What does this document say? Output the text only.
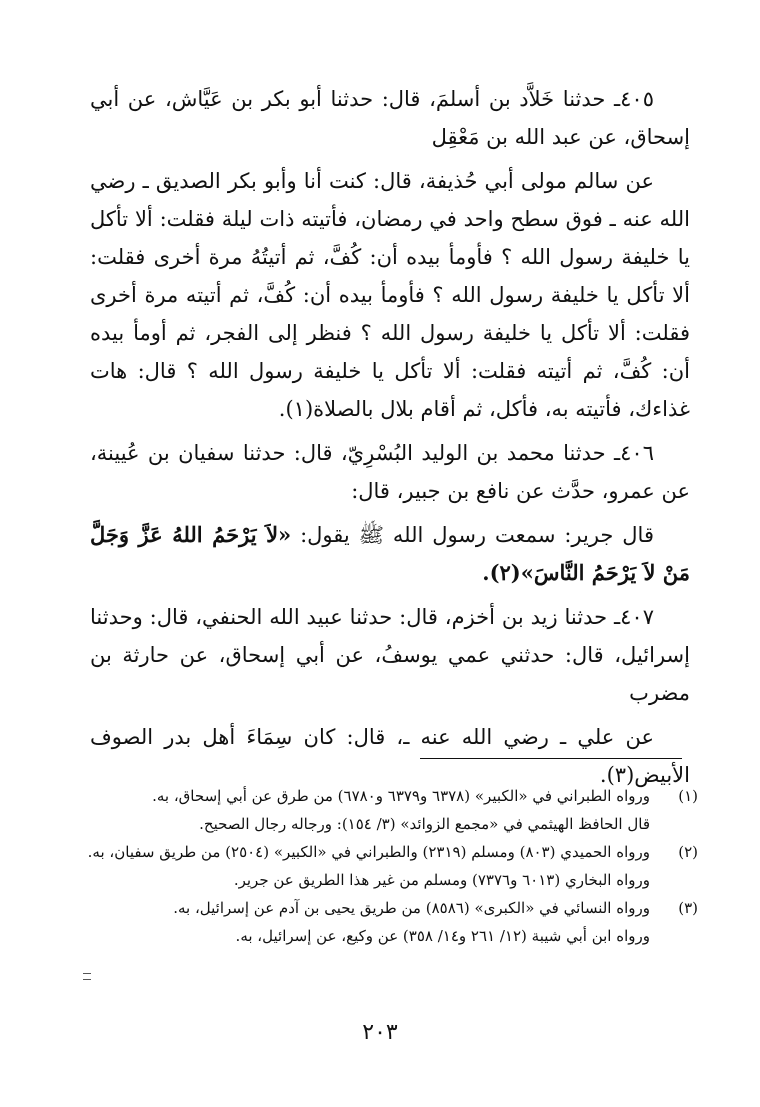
٤٠٥ـ حدثنا خَلاَّد بن أسلمَ، قال: حدثنا أبو بكر بن عَيَّاش، عن أبي إسحاق، عن عبد الله بن مَعْقِل

عن سالم مولى أبي حُذيفة، قال: كنت أنا وأبو بكر الصديق ـ رضي الله عنه ـ فوق سطح واحد في رمضان، فأتيته ذات ليلة فقلت: ألا تأكل يا خليفة رسول الله ؟ فأومأ بيده أن: كُفَّ، ثم أتيتُهُ مرة أخرى فقلت: ألا تأكل يا خليفة رسول الله ؟ فأومأ بيده أن: كُفَّ، ثم أتيته مرة أخرى فقلت: ألا تأكل يا خليفة رسول الله ؟ فنظر إلى الفجر، ثم أومأ بيده أن: كُفَّ، ثم أتيته فقلت: ألا تأكل يا خليفة رسول الله ؟ قال: هات غذاءك، فأتيته به، فأكل، ثم أقام بلال بالصلاة(١).

٤٠٦ـ حدثنا محمد بن الوليد البُسْرِيّ، قال: حدثنا سفيان بن عُيينة، عن عمرو، حدَّث عن نافع بن جبير، قال:

قال جرير: سمعت رسول الله ﷺ يقول: «لاَ يَرْحَمُ اللهُ عَزَّ وَجَلَّ مَنْ لاَ يَرْحَمُ النَّاسَ»(٢).

٤٠٧ـ حدثنا زيد بن أخزم، قال: حدثنا عبيد الله الحنفي، قال: وحدثنا إسرائيل، قال: حدثني عمي يوسفُ، عن أبي إسحاق، عن حارثة بن مضرب

عن علي ـ رضي الله عنه ـ، قال: كان سِمَاءَ أهل بدر الصوف الأبيض(٣).

(١)
ورواه الطبراني في «الكبير» (٦٣٧٨ و٦٣٧٩ و٦٧٨٠) من طرق عن أبي إسحاق، به.
قال الحافظ الهيثمي في «مجمع الزوائد» (٣/ ١٥٤): ورجاله رجال الصحيح.
(٢)
ورواه الحميدي (٨٠٣) ومسلم (٢٣١٩) والطبراني في «الكبير» (٢٥٠٤) من طريق سفيان، به.
ورواه البخاري (٦٠١٣ و٧٣٧٦) ومسلم من غير هذا الطريق عن جرير.
(٣)
ورواه النسائي في «الكبرى» (٨٥٨٦) من طريق يحيى بن آدم عن إسرائيل، به.
ورواه ابن أبي شيبة (١٢/ ٢٦١ و١٤/ ٣٥٨) عن وكيع، عن إسرائيل، به.
٢٠٣
